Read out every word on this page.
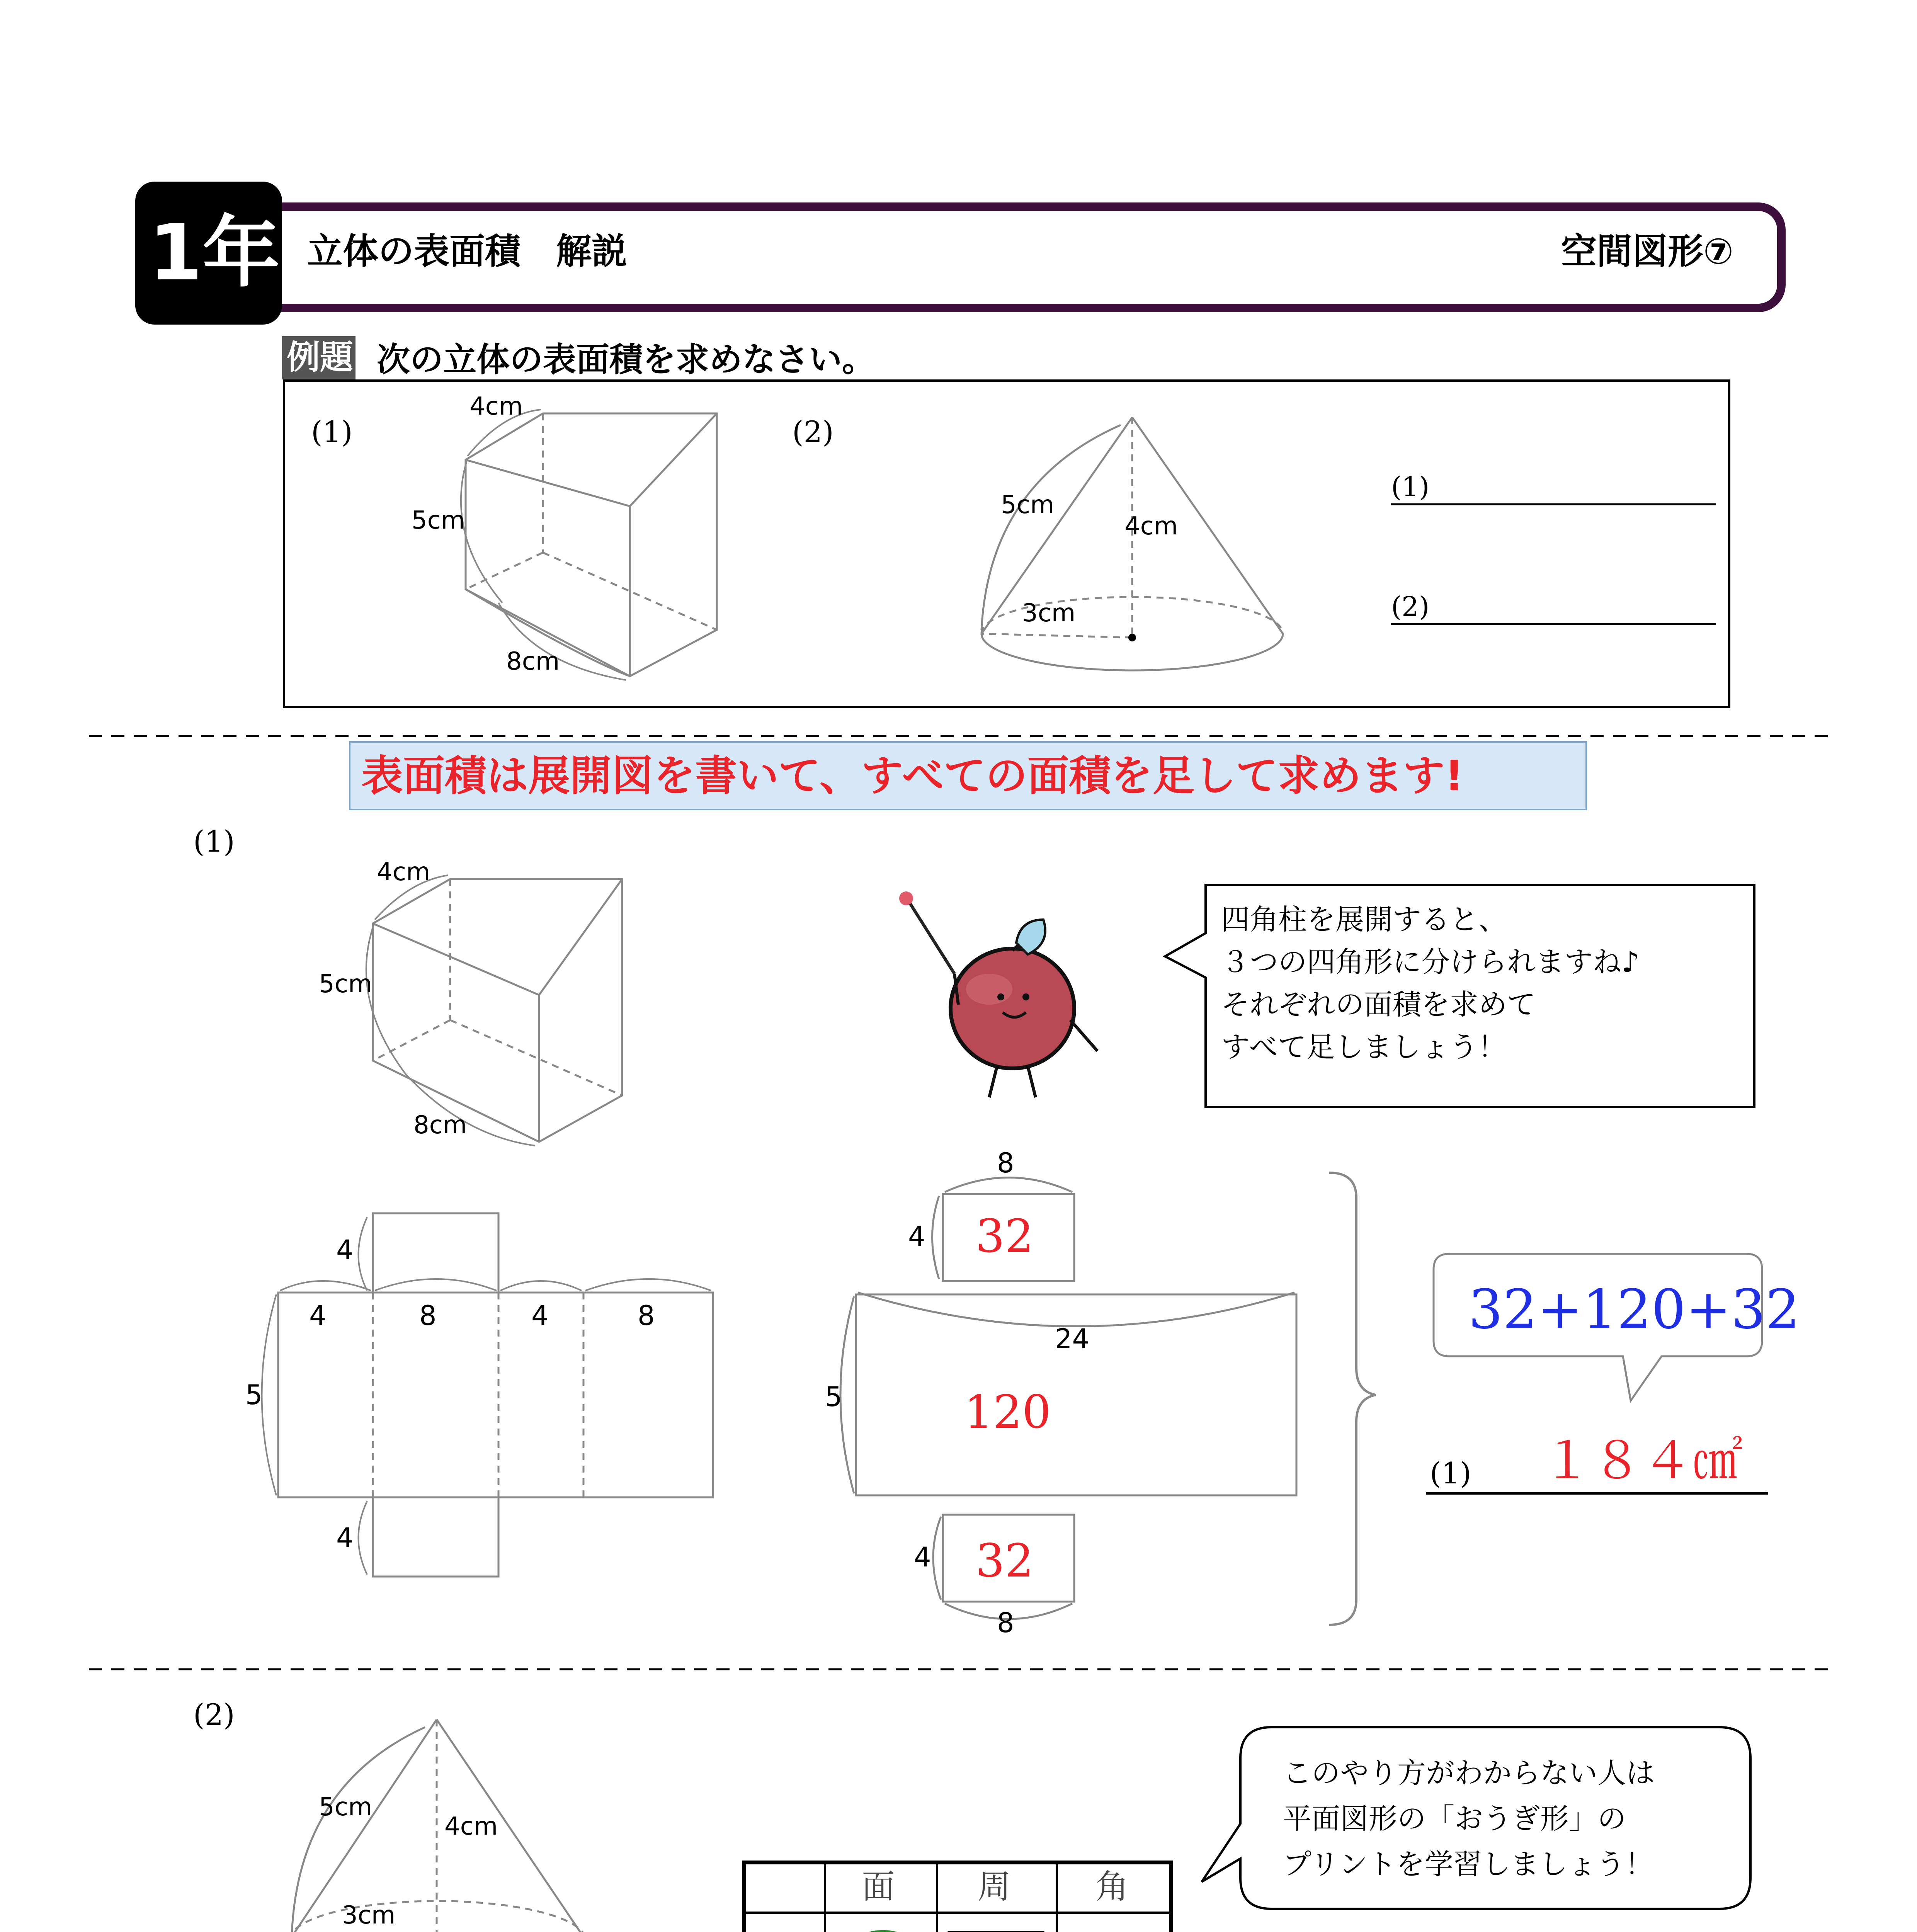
1年 立体の表面積　解説	空間図形⑦
例題 次の立体の表面積を求めなさい。
(1)	(2)
4cm
5cm
8cm
5cm
4cm
3cm
(1)
(2)
表面積は展開図を書いて、すべての面積を足して求めます!
(1)
4cm
5cm
8cm
四角柱を展開すると、
３つの四角形に分けられますね♪
それぞれの面積を求めて
すべて足しましょう！
4
4	8	4	8
5
4
8
4 32
24
5	120
4 32
8
32+120+32
(1) １８４㎠
(2)
5cm
4cm
3cm
このやり方がわからない人は
平面図形の「おうぎ形」の
プリントを学習しましょう！
面 周	角
